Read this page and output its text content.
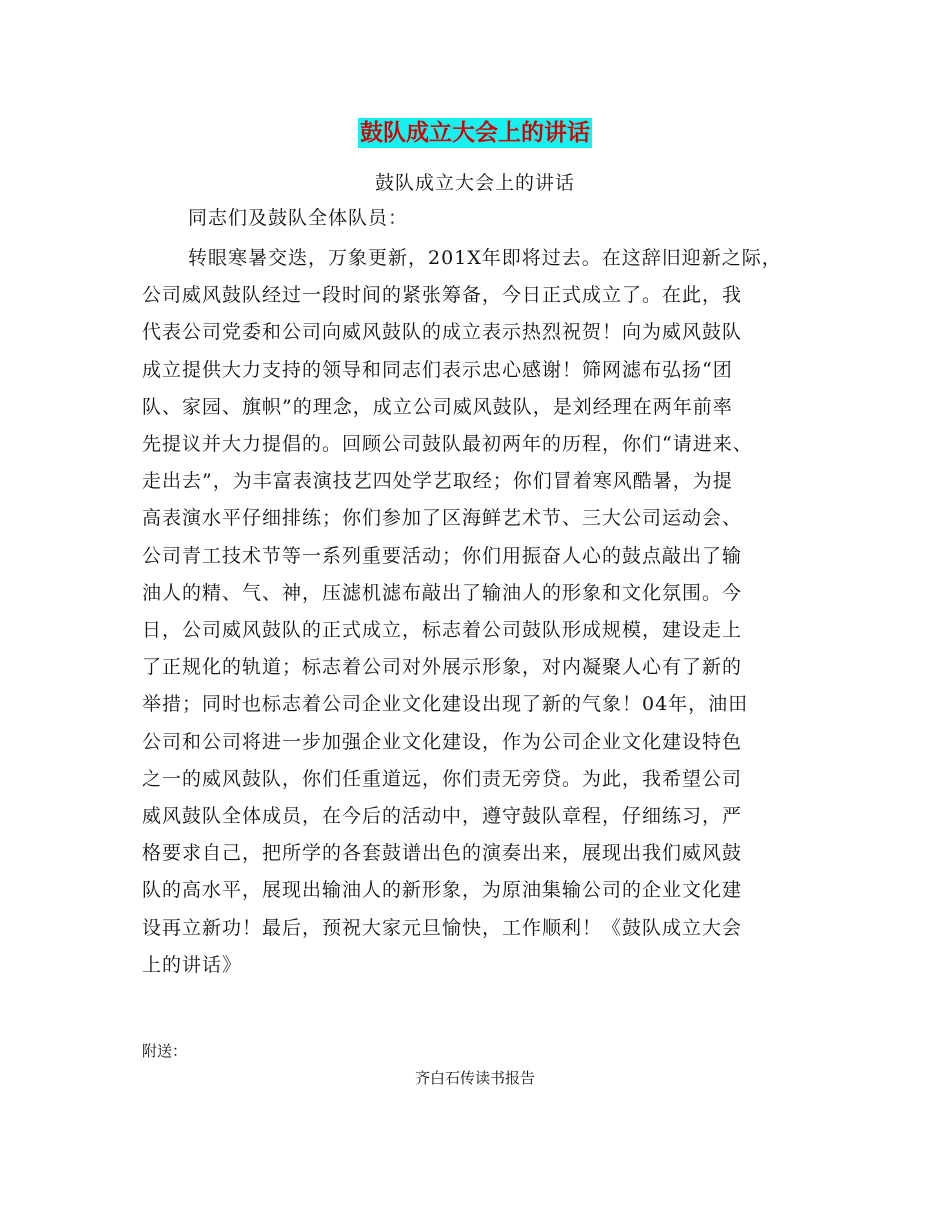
鼓队成立大会上的讲话
鼓队成立大会上的讲话
同志们及鼓队全体队员：
转眼寒暑交迭，万象更新，201X年即将过去。在这辞旧迎新之际，
公司威风鼓队经过一段时间的紧张筹备，今日正式成立了。在此，我
代表公司党委和公司向威风鼓队的成立表示热烈祝贺！向为威风鼓队
成立提供大力支持的领导和同志们表示忠心感谢！筛网滤布弘扬“团
队、家园、旗帜”的理念，成立公司威风鼓队，是刘经理在两年前率
先提议并大力提倡的。回顾公司鼓队最初两年的历程，你们“请进来、
走出去”，为丰富表演技艺四处学艺取经；你们冒着寒风酷暑，为提
高表演水平仔细排练；你们参加了区海鲜艺术节、三大公司运动会、
公司青工技术节等一系列重要活动；你们用振奋人心的鼓点敲出了输
油人的精、气、神，压滤机滤布敲出了输油人的形象和文化氛围。今
日，公司威风鼓队的正式成立，标志着公司鼓队形成规模，建设走上
了正规化的轨道；标志着公司对外展示形象，对内凝聚人心有了新的
举措；同时也标志着公司企业文化建设出现了新的气象！04年，油田
公司和公司将进一步加强企业文化建设，作为公司企业文化建设特色
之一的威风鼓队，你们任重道远，你们责无旁贷。为此，我希望公司
威风鼓队全体成员，在今后的活动中，遵守鼓队章程，仔细练习，严
格要求自己，把所学的各套鼓谱出色的演奏出来，展现出我们威风鼓
队的高水平，展现出输油人的新形象，为原油集输公司的企业文化建
设再立新功！最后，预祝大家元旦愉快，工作顺利！《鼓队成立大会
上的讲话》
附送：
齐白石传读书报告
